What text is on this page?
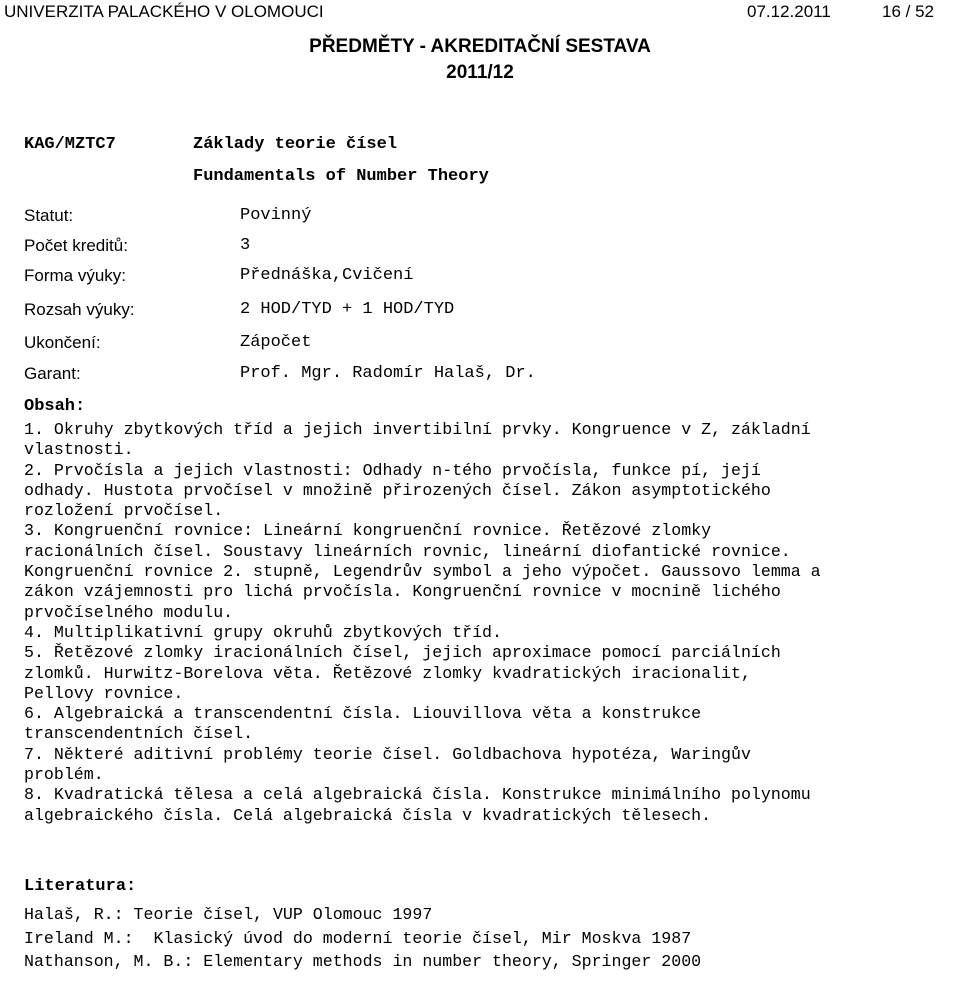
UNIVERZITA PALACKÉHO V OLOMOUCI	07.12.2011	16 / 52
PŘEDMĚTY - AKREDITAČNÍ SESTAVA
2011/12
KAG/MZTC7	Základy teorie čísel
Fundamentals of Number Theory
Statut:	Povinný
Počet kreditů:	3
Forma výuky:	Přednáška,Cvičení
Rozsah výuky:	2 HOD/TYD + 1 HOD/TYD
Ukončení:	Zápočet
Garant:	Prof. Mgr. Radomír Halaš, Dr.
Obsah:
1. Okruhy zbytkových tříd a jejich invertibilní prvky. Kongruence v Z, základní
vlastnosti.
2. Prvočísla a jejich vlastnosti: Odhady n-tého prvočísla, funkce pí, její
odhady. Hustota prvočísel v množině přirozených čísel. Zákon asymptotického
rozložení prvočísel.
3. Kongruenční rovnice: Lineární kongruenční rovnice. Řetězové zlomky
racionálních čísel. Soustavy lineárních rovnic, lineární diofantické rovnice.
Kongruenční rovnice 2. stupně, Legendrův symbol a jeho výpočet. Gaussovo lemma a
zákon vzájemnosti pro lichá prvočísla. Kongruenční rovnice v mocnině lichého
prvočíselného modulu.
4. Multiplikativní grupy okruhů zbytkových tříd.
5. Řetězové zlomky iracionálních čísel, jejich aproximace pomocí parciálních
zlomků. Hurwitz-Borelova věta. Řetězové zlomky kvadratických iracionalit,
Pellovy rovnice.
6. Algebraická a transcendentní čísla. Liouvillova věta a konstrukce
transcendentních čísel.
7. Některé aditivní problémy teorie čísel. Goldbachova hypotéza, Waringův
problém.
8. Kvadratická tělesa a celá algebraická čísla. Konstrukce minimálního polynomu
algebraického čísla. Celá algebraická čísla v kvadratických tělesech.
Literatura:
Halaš, R.: Teorie čísel, VUP Olomouc 1997
Ireland M.:  Klasický úvod do moderní teorie čísel, Mir Moskva 1987
Nathanson, M. B.: Elementary methods in number theory, Springer 2000
